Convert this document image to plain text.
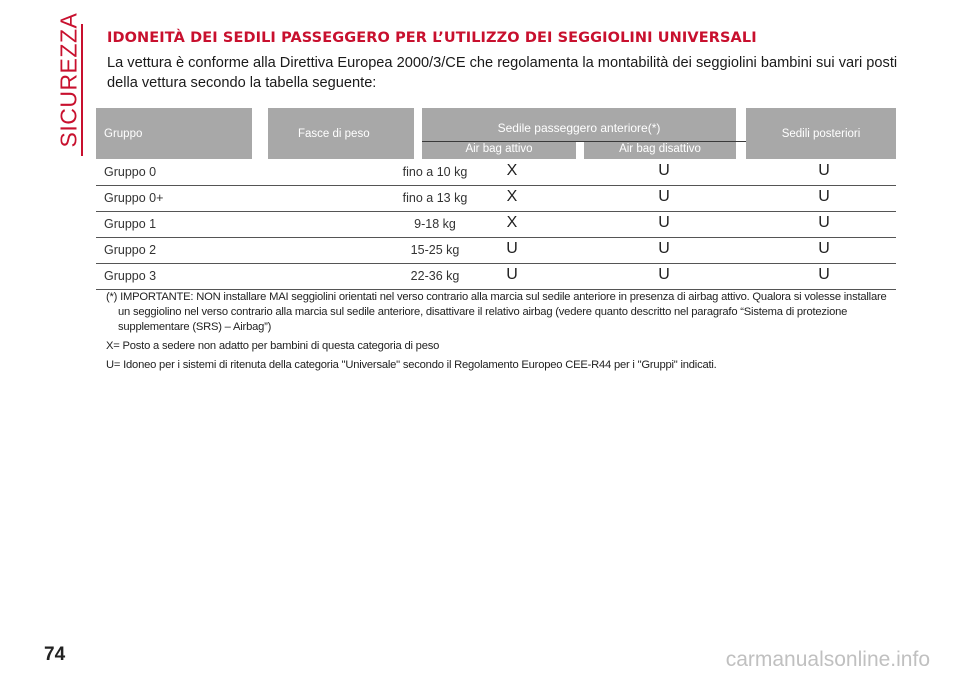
SICUREZZA IDONEITÀ DEI SEDILI PASSEGGERO PER L’UTILIZZO DEI SEGGIOLINI UNIVERSALI
La vettura è conforme alla Direttiva Europea 2000/3/CE che regolamenta la montabilità dei seggiolini bambini sui vari posti della vettura secondo la tabella seguente:
Gruppo	Fasce di peso	Sedile passeggero anteriore(*)
Air bag attivo	Air bag disattivo
Sedili posteriori
Gruppo 0	fino a 10 kg	X	U	U
Gruppo 0+	fino a 13 kg	X	U	U
Gruppo 1	9-18 kg	X	U	U
Gruppo 2	15-25 kg	U	U	U
Gruppo 3	22-36 kg	U	U	U

(*) IMPORTANTE: NON installare MAI seggiolini orientati nel verso contrario alla marcia sul sedile anteriore in presenza di airbag attivo. Qualora si volesse installare un seggiolino nel verso contrario alla marcia sul sedile anteriore, disattivare il relativo airbag (vedere quanto descritto nel paragrafo “Sistema di protezione supplementare (SRS) – Airbag”)

X= Posto a sedere non adatto per bambini di questa categoria di peso

U= Idoneo per i sistemi di ritenuta della categoria "Universale" secondo il Regolamento Europeo CEE-R44 per i "Gruppi" indicati.

74	carmanualsonline.info
